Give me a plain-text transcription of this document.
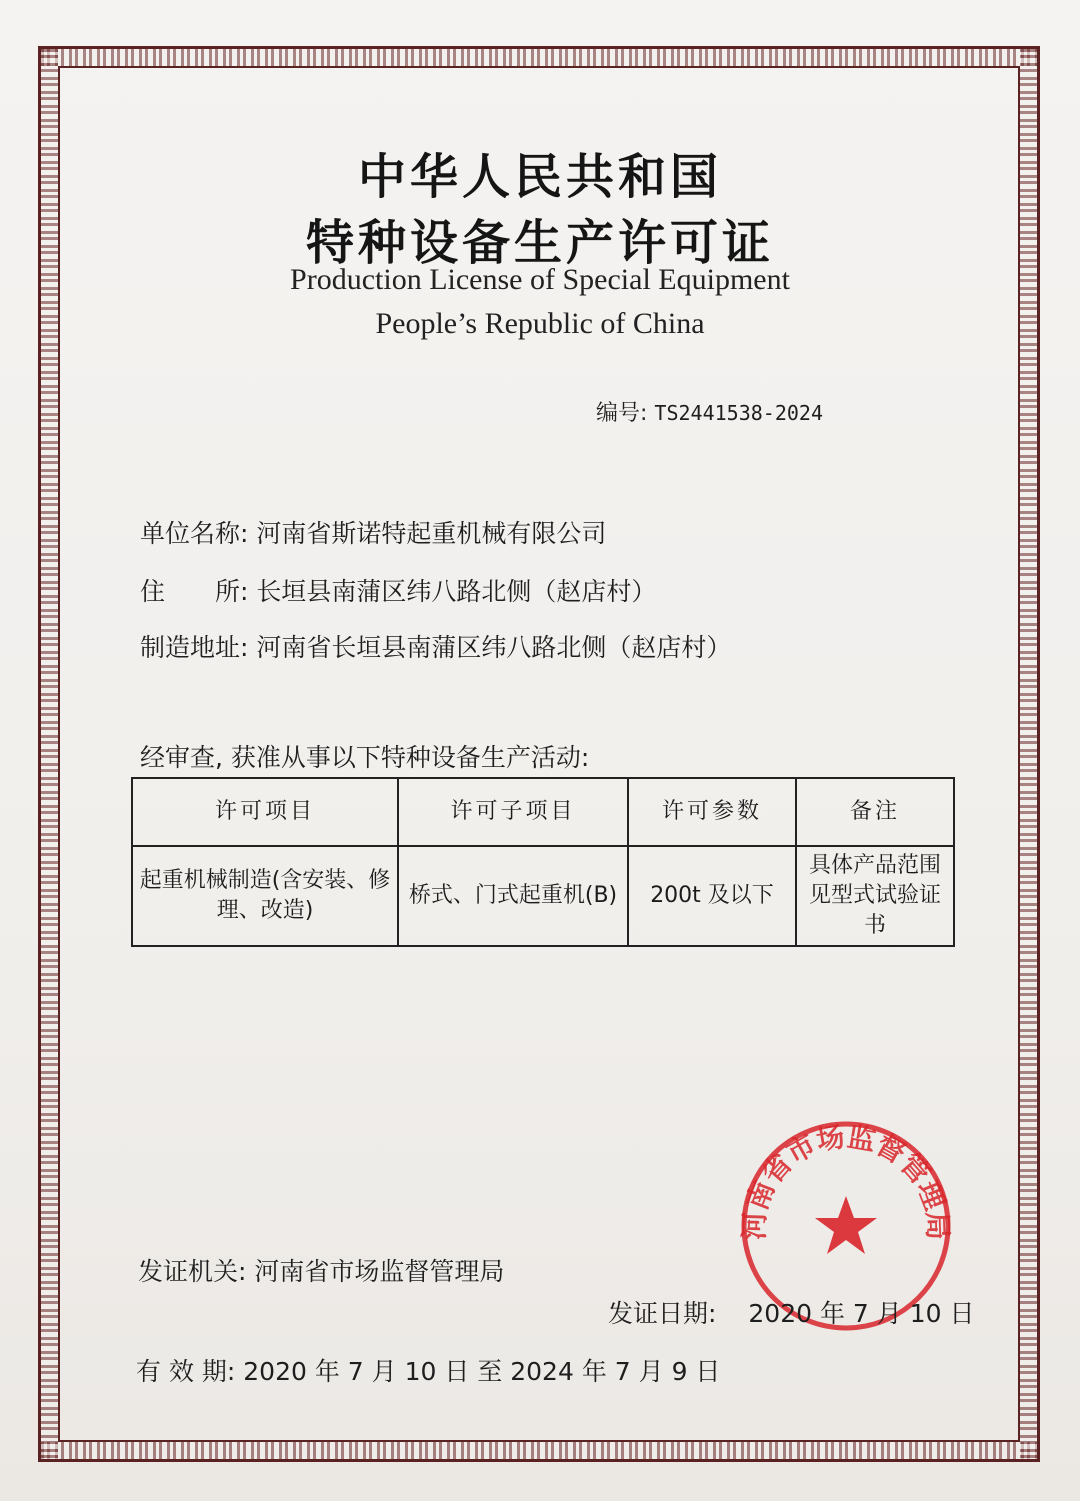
中华人民共和国
特种设备生产许可证
Production License of Special Equipment
People’s Republic of China
编号: TS2441538-2024
单位名称: 河南省斯诺特起重机械有限公司
住　　所: 长垣县南蒲区纬八路北侧（赵店村）
制造地址: 河南省长垣县南蒲区纬八路北侧（赵店村）
经审查, 获准从事以下特种设备生产活动:
许可项目	许可子项目	许可参数	备注
起重机械制造(含安装、修理、改造)	桥式、门式起重机(B)	200t 及以下	具体产品范围见型式试验证书
河南省市场监督管理局
发证机关: 河南省市场监督管理局
发证日期: 2020 年 7 月 10 日
有 效 期: 2020 年 7 月 10 日 至 2024 年 7 月 9 日
